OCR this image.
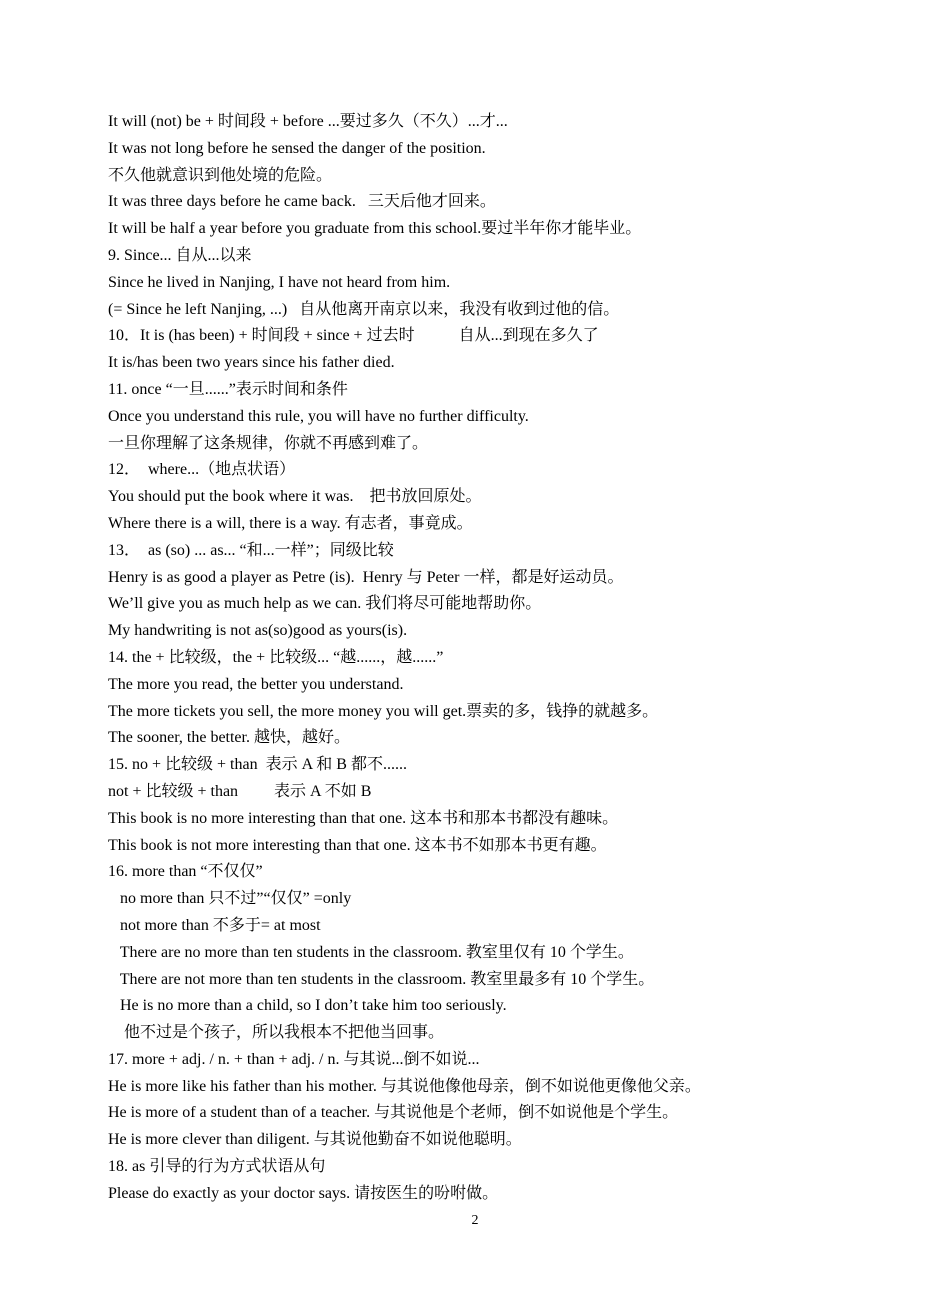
It will (not) be + 时间段 + before ...要过多久（不久）...才...
It was not long before he sensed the danger of the position.
不久他就意识到他处境的危险。
It was three days before he came back.   三天后他才回来。
It will be half a year before you graduate from this school.要过半年你才能毕业。
9. Since... 自从...以来
Since he lived in Nanjing, I have not heard from him.
(= Since he left Nanjing, ...)   自从他离开南京以来，我没有收到过他的信。
10．It is (has been) + 时间段 + since + 过去时           自从...到现在多久了
It is/has been two years since his father died.
11. once “一旦......”表示时间和条件
Once you understand this rule, you will have no further difficulty.
一旦你理解了这条规律，你就不再感到难了。
12．  where...（地点状语）
You should put the book where it was.    把书放回原处。
Where there is a will, there is a way. 有志者，事竟成。
13．  as (so) ... as... “和...一样”；同级比较
Henry is as good a player as Petre (is).  Henry 与 Peter 一样，都是好运动员。
We’ll give you as much help as we can. 我们将尽可能地帮助你。
My handwriting is not as(so)good as yours(is).
14. the + 比较级，the + 比较级... “越......，越......”
The more you read, the better you understand.
The more tickets you sell, the more money you will get.票卖的多，钱挣的就越多。
The sooner, the better. 越快，越好。
15. no + 比较级 + than  表示 A 和 B 都不......
not + 比较级 + than         表示 A 不如 B
This book is no more interesting than that one. 这本书和那本书都没有趣味。
This book is not more interesting than that one. 这本书不如那本书更有趣。
16. more than “不仅仅”
no more than 只不过”“仅仅” =only
not more than 不多于= at most
There are no more than ten students in the classroom. 教室里仅有 10 个学生。
There are not more than ten students in the classroom. 教室里最多有 10 个学生。
He is no more than a child, so I don’t take him too seriously.
他不过是个孩子，所以我根本不把他当回事。
17. more + adj. / n. + than + adj. / n. 与其说...倒不如说...
He is more like his father than his mother. 与其说他像他母亲，倒不如说他更像他父亲。
He is more of a student than of a teacher. 与其说他是个老师，倒不如说他是个学生。
He is more clever than diligent. 与其说他勤奋不如说他聪明。
18. as 引导的行为方式状语从句
Please do exactly as your doctor says. 请按医生的吩咐做。
2
